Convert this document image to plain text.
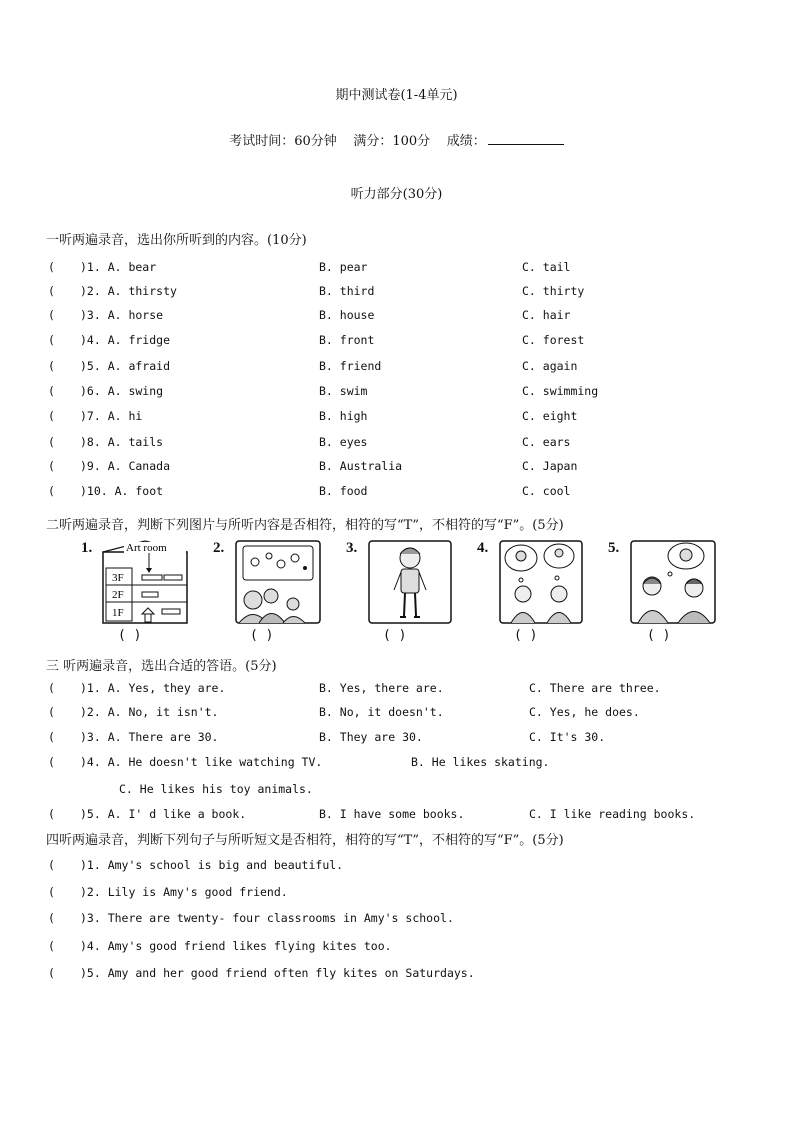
期中测试卷(1-4单元)
考试时间：60分钟 满分：100分 成绩：
听力部分(30分)
一听两遍录音，选出你所听到的内容。(10分)
( )1. A. bear	B. pear	C. tail
( )2. A. thirsty	B. third	C. thirty
( )3. A. horse	B. house	C. hair
( )4. A. fridge	B. front	C. forest
( )5. A. afraid	B. friend	C. again
( )6. A. swing	B. swim	C. swimming
( )7. A. hi	B. high	C. eight
( )8. A. tails	B. eyes	C. ears
( )9. A. Canada	B. Australia	C. Japan
( )10. A. foot	B. food	C. cool
二听两遍录音，判断下列图片与所听内容是否相符，相符的写“T”，不相符的写“F”。(5分)
1.
3F
2F
1F
Art room
( )
2.
( )
3.
( )
4.
( )
5.
( )
三 听两遍录音，选出合适的答语。(5分)
( )1. A. Yes, they are.	B. Yes, there are.	C. There are three.
( )2. A. No, it isn't.	B. No, it doesn't.	C. Yes, he does.
( )3. A. There are 30.	B. They are 30.	C. It's 30.
( )4. A. He doesn't like watching TV.	B. He likes skating.
C. He likes his toy animals.
( )5. A. I' d like a book.	B. I have some books.	C. I like reading books.
四听两遍录音，判断下列句子与所听短文是否相符，相符的写“T”，不相符的写“F”。(5分)
( )1. Amy's school is big and beautiful.
( )2. Lily is Amy's good friend.
( )3. There are twenty- four classrooms in Amy's school.
( )4. Amy's good friend likes flying kites too.
( )5. Amy and her good friend often fly kites on Saturdays.
